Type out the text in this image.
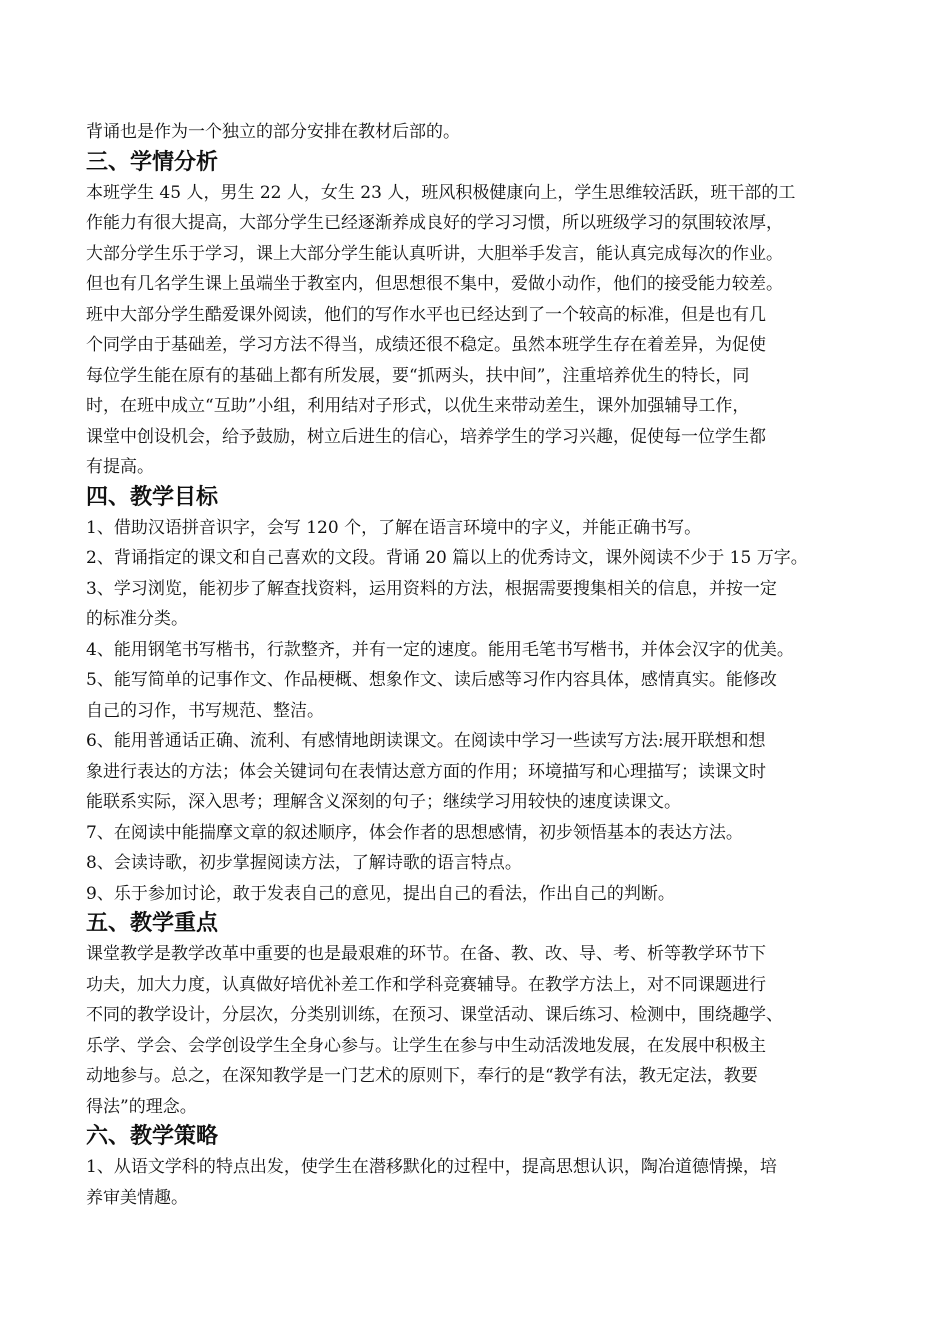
背诵也是作为一个独立的部分安排在教材后部的。
三、学情分析
本班学生 45 人，男生 22 人，女生 23 人，班风积极健康向上，学生思维较活跃，班干部的工
作能力有很大提高，大部分学生已经逐渐养成良好的学习习惯，所以班级学习的氛围较浓厚，
大部分学生乐于学习，课上大部分学生能认真听讲，大胆举手发言，能认真完成每次的作业。
但也有几名学生课上虽端坐于教室内，但思想很不集中，爱做小动作，他们的接受能力较差。
班中大部分学生酷爱课外阅读，他们的写作水平也已经达到了一个较高的标准，但是也有几
个同学由于基础差，学习方法不得当，成绩还很不稳定。虽然本班学生存在着差异，为促使
每位学生能在原有的基础上都有所发展，要“抓两头，扶中间”，注重培养优生的特长，同
时，在班中成立“互助”小组，利用结对子形式，以优生来带动差生，课外加强辅导工作，
课堂中创设机会，给予鼓励，树立后进生的信心，培养学生的学习兴趣，促使每一位学生都
有提高。
四、教学目标
1、借助汉语拼音识字，会写 120 个，了解在语言环境中的字义，并能正确书写。
2、背诵指定的课文和自己喜欢的文段。背诵 20 篇以上的优秀诗文，课外阅读不少于 15 万字。
3、学习浏览，能初步了解查找资料，运用资料的方法，根据需要搜集相关的信息，并按一定
的标准分类。
4、能用钢笔书写楷书，行款整齐，并有一定的速度。能用毛笔书写楷书，并体会汉字的优美。
5、能写简单的记事作文、作品梗概、想象作文、读后感等习作内容具体，感情真实。能修改
自己的习作，书写规范、整洁。
6、能用普通话正确、流利、有感情地朗读课文。在阅读中学习一些读写方法:展开联想和想
象进行表达的方法；体会关键词句在表情达意方面的作用；环境描写和心理描写；读课文时
能联系实际，深入思考；理解含义深刻的句子；继续学习用较快的速度读课文。
7、在阅读中能揣摩文章的叙述顺序，体会作者的思想感情，初步领悟基本的表达方法。
8、会读诗歌，初步掌握阅读方法，了解诗歌的语言特点。
9、乐于参加讨论，敢于发表自己的意见，提出自己的看法，作出自己的判断。
五、教学重点
课堂教学是教学改革中重要的也是最艰难的环节。在备、教、改、导、考、析等教学环节下
功夫，加大力度，认真做好培优补差工作和学科竞赛辅导。在教学方法上，对不同课题进行
不同的教学设计，分层次，分类别训练，在预习、课堂活动、课后练习、检测中，围绕趣学、
乐学、学会、会学创设学生全身心参与。让学生在参与中生动活泼地发展，在发展中积极主
动地参与。总之，在深知教学是一门艺术的原则下，奉行的是“教学有法，教无定法，教要
得法”的理念。
六、教学策略
1、从语文学科的特点出发，使学生在潜移默化的过程中，提高思想认识，陶冶道德情操，培
养审美情趣。
